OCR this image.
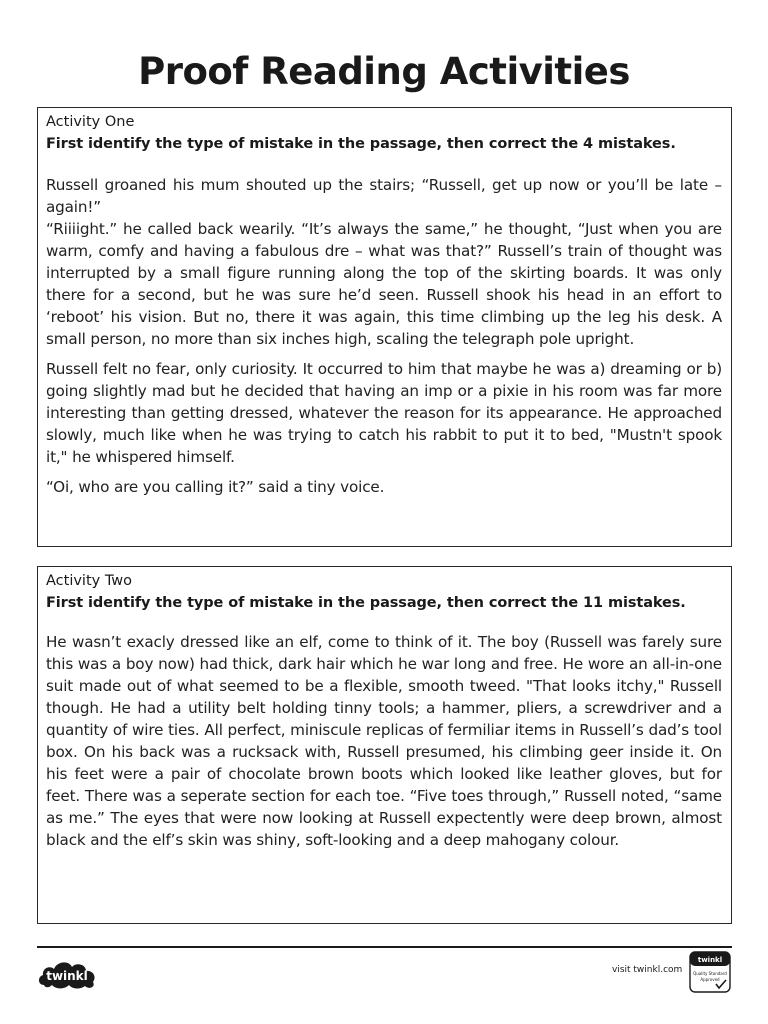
Proof Reading Activities
Activity One
First identify the type of mistake in the passage, then correct the 4 mistakes.

Russell groaned his mum shouted up the stairs; “Russell, get up now or you’ll be late – again!”

“Riiiight.” he called back wearily. “It’s always the same,” he thought, “Just when you are warm, comfy and having a fabulous dre – what was that?” Russell’s train of thought was interrupted by a small figure running along the top of the skirting boards. It was only there for a second, but he was sure he’d seen. Russell shook his head in an effort to ‘reboot’ his vision. But no, there it was again, this time climbing up the leg his desk. A small person, no more than six inches high, scaling the telegraph pole upright.

Russell felt no fear, only curiosity. It occurred to him that maybe he was a) dreaming or b) going slightly mad but he decided that having an imp or a pixie in his room was far more interesting than getting dressed, whatever the reason for its appearance. He approached slowly, much like when he was trying to catch his rabbit to put it to bed, "Mustn't spook it," he whispered himself.

“Oi, who are you calling it?” said a tiny voice.

Activity Two
First identify the type of mistake in the passage, then correct the 11 mistakes.

He wasn’t exacly dressed like an elf, come to think of it. The boy (Russell was farely sure this was a boy now) had thick, dark hair which he war long and free. He wore an all-in-one suit made out of what seemed to be a flexible, smooth tweed. "That looks itchy," Russell though. He had a utility belt holding tinny tools; a hammer, pliers, a screwdriver and a quantity of wire ties. All perfect, miniscule replicas of fermiliar items in Russell’s dad’s tool box. On his back was a rucksack with, Russell presumed, his climbing geer inside it. On his feet were a pair of chocolate brown boots which looked like leather gloves, but for feet. There was a seperate section for each toe. “Five toes through,” Russell noted, “same as me.” The eyes that were now looking at Russell expectently were deep brown, almost black and the elf’s skin was shiny, soft-looking and a deep mahogany colour.

twinkl	visit twinkl.com
twinkl
Quality Standard
Approved
